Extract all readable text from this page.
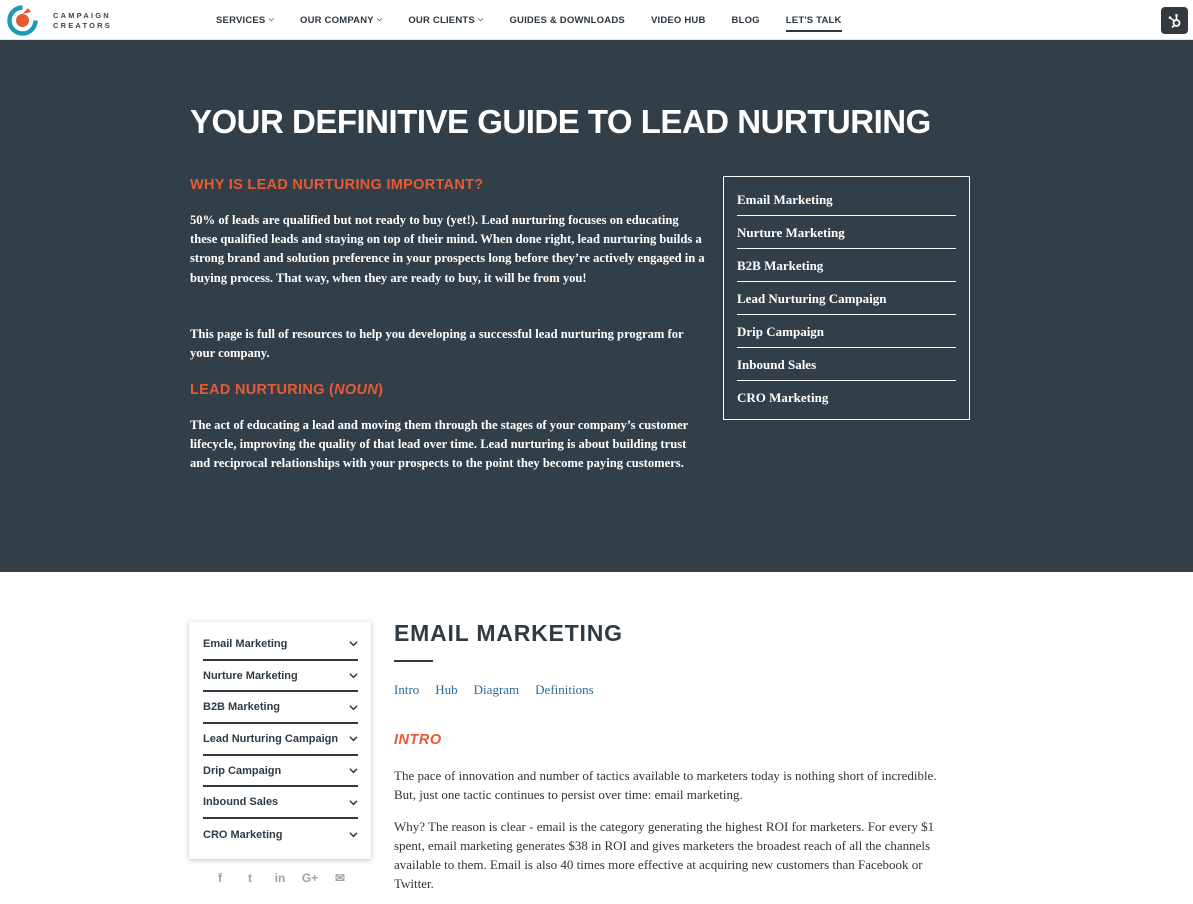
CAMPAIGN
CREATORS	SERVICES ⌵	OUR COMPANY ⌵	OUR CLIENTS ⌵	GUIDES & DOWNLOADS	VIDEO HUB	BLOG	LET'S TALK
YOUR DEFINITIVE GUIDE TO LEAD NURTURING
WHY IS LEAD NURTURING IMPORTANT?

50% of leads are qualified but not ready to buy (yet!). Lead nurturing focuses on educating these qualified leads and staying on top of their mind. When done right, lead nurturing builds a strong brand and solution preference in your prospects long before they’re actively engaged in a buying process. That way, when they are ready to buy, it will be from you!

This page is full of resources to help you developing a successful lead nurturing program for your company.

LEAD NURTURING (NOUN)

The act of educating a lead and moving them through the stages of your company’s customer lifecycle, improving the quality of that lead over time. Lead nurturing is about building trust and reciprocal relationships with your prospects to the point they become paying customers.

Email Marketing
Nurture Marketing
B2B Marketing
Lead Nurturing Campaign
Drip Campaign
Inbound Sales
CRO Marketing
Email Marketing
Nurture Marketing
B2B Marketing
Lead Nurturing Campaign
Drip Campaign
Inbound Sales
CRO Marketing
f	t	in	G+	✉
EMAIL MARKETING
Intro Hub Diagram Definitions
INTRO

The pace of innovation and number of tactics available to marketers today is nothing short of incredible. But, just one tactic continues to persist over time: email marketing.

Why? The reason is clear - email is the category generating the highest ROI for marketers. For every $1 spent, email marketing generates $38 in ROI and gives marketers the broadest reach of all the channels available to them. Email is also 40 times more effective at acquiring new customers than Facebook or Twitter.
